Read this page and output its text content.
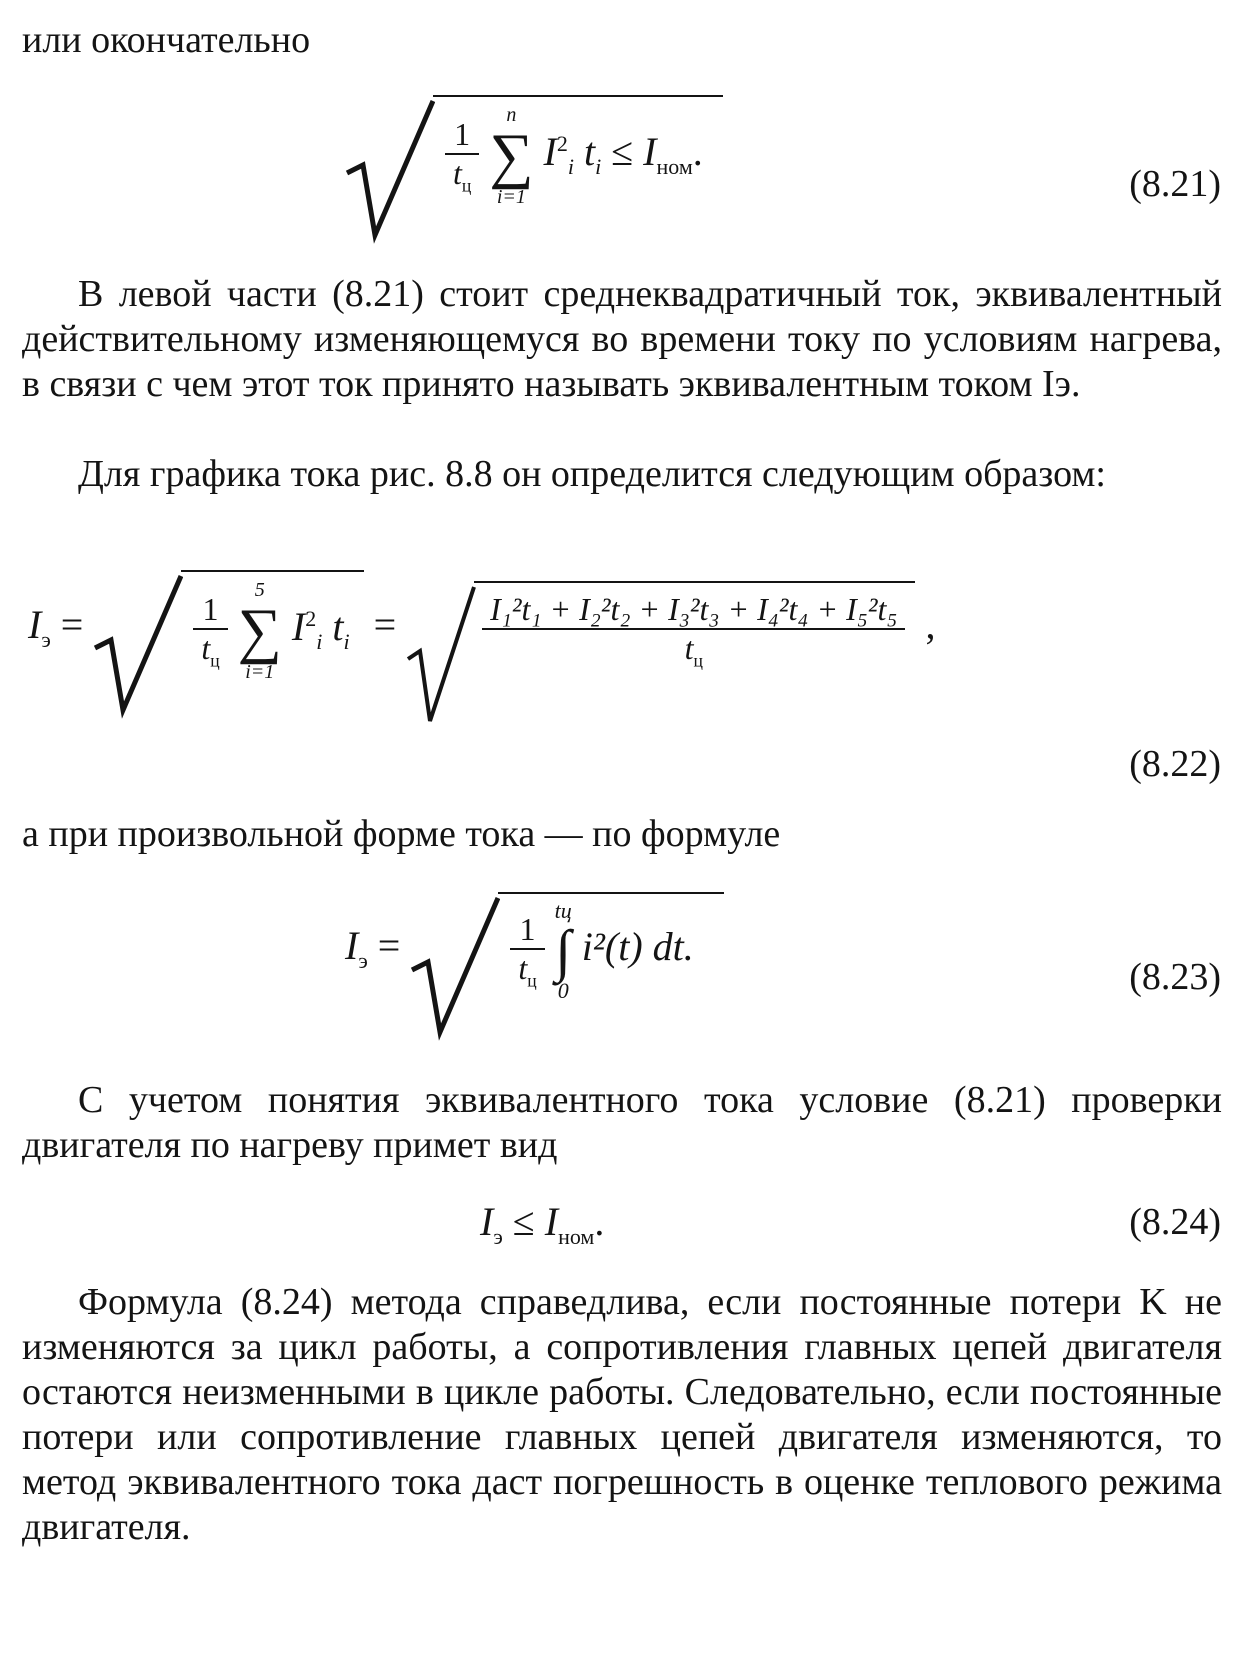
или окончательно

$\frac{1}{t_ц}$

n
∑
i=1
$I^2_i$ $t_i \le I_{ном}$.
(8.21)

В левой части (8.21) стоит среднеквадратичный ток, эквивалентный действительному изменяющемуся во времени току по условиям нагрева, в связи с чем этот ток принято называть эквивалентным током Iэ.

Для графика тока рис. 8.8 он определится следующим образом:

$I_э$ =	$\frac{1}{t_ц}$

5
∑
i=1
$I^2_i$ $t_i$ =	$\frac{\text{I₁²t₁ + I₂²t₂ + I₃²t₃ + I₄²t₄ + I₅²t₅}}{t_ц}$ ,
(8.22)

а при произвольной форме тока — по формуле

$I_э$ =	$\frac{1}{t_ц}$

tц
∫
0
i²(t) dt.
(8.23)

С учетом понятия эквивалентного тока условие (8.21) проверки двигателя по нагреву примет вид

$I_э \le I_{ном}$.	(8.24)

Формула (8.24) метода справедлива, если постоянные потери K не изменяются за цикл работы, а сопротивления главных цепей двигателя остаются неизменными в цикле работы. Следовательно, если постоянные потери или сопротивление главных цепей двигателя изменяются, то метод эквивалентного тока даст погрешность в оценке теплового режима двигателя.
